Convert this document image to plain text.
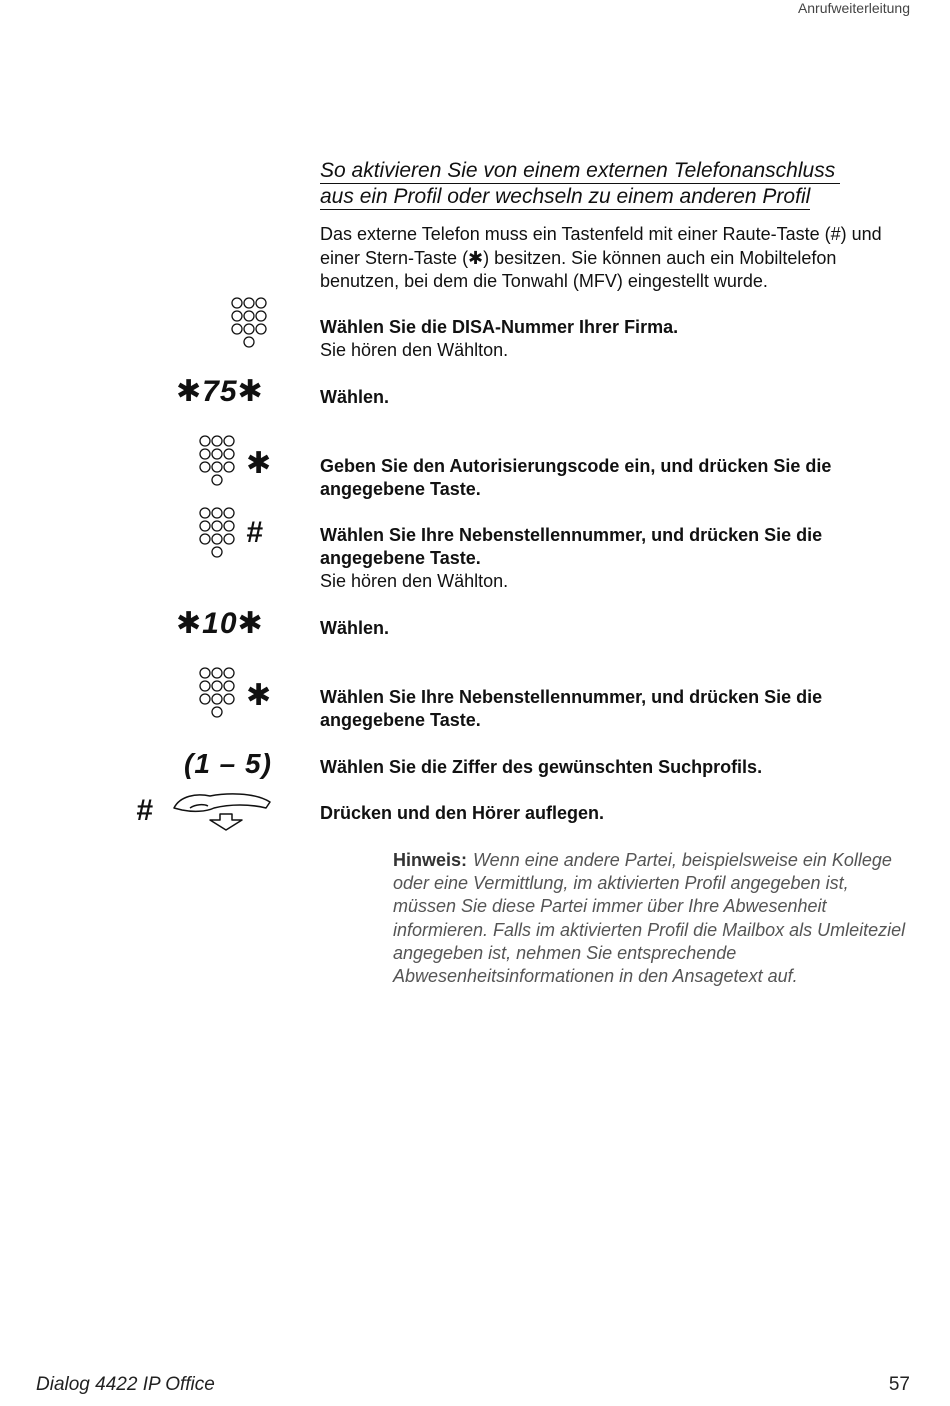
Anrufweiterleitung
So aktivieren Sie von einem externen Telefonanschluss
aus ein Profil oder wechseln zu einem anderen Profil
Das externe Telefon muss ein Tastenfeld mit einer Raute-Taste (#) und einer Stern-Taste (✱) besitzen. Sie können auch ein Mobiltelefon benutzen, bei dem die Tonwahl (MFV) eingestellt wurde.
Wählen Sie die DISA-Nummer Ihrer Firma.
Sie hören den Wählton.
✱75✱	Wählen.
✱	Geben Sie den Autorisierungscode ein, und drücken Sie die angegebene Taste.
#	Wählen Sie Ihre Nebenstellennummer, und drücken Sie die angegebene Taste.
Sie hören den Wählton.
✱10✱	Wählen.
✱	Wählen Sie Ihre Nebenstellennummer, und drücken Sie die angegebene Taste.
(1 – 5)	Wählen Sie die Ziffer des gewünschten Suchprofils.
#	Drücken und den Hörer auflegen.
Hinweis: Wenn eine andere Partei, beispielsweise ein Kollege oder eine Vermittlung, im aktivierten Profil angegeben ist, müssen Sie diese Partei immer über Ihre Abwesenheit informieren. Falls im aktivierten Profil die Mailbox als Umleiteziel angegeben ist, nehmen Sie entsprechende Abwesenheitsinformationen in den Ansagetext auf.
Dialog 4422 IP Office	57
